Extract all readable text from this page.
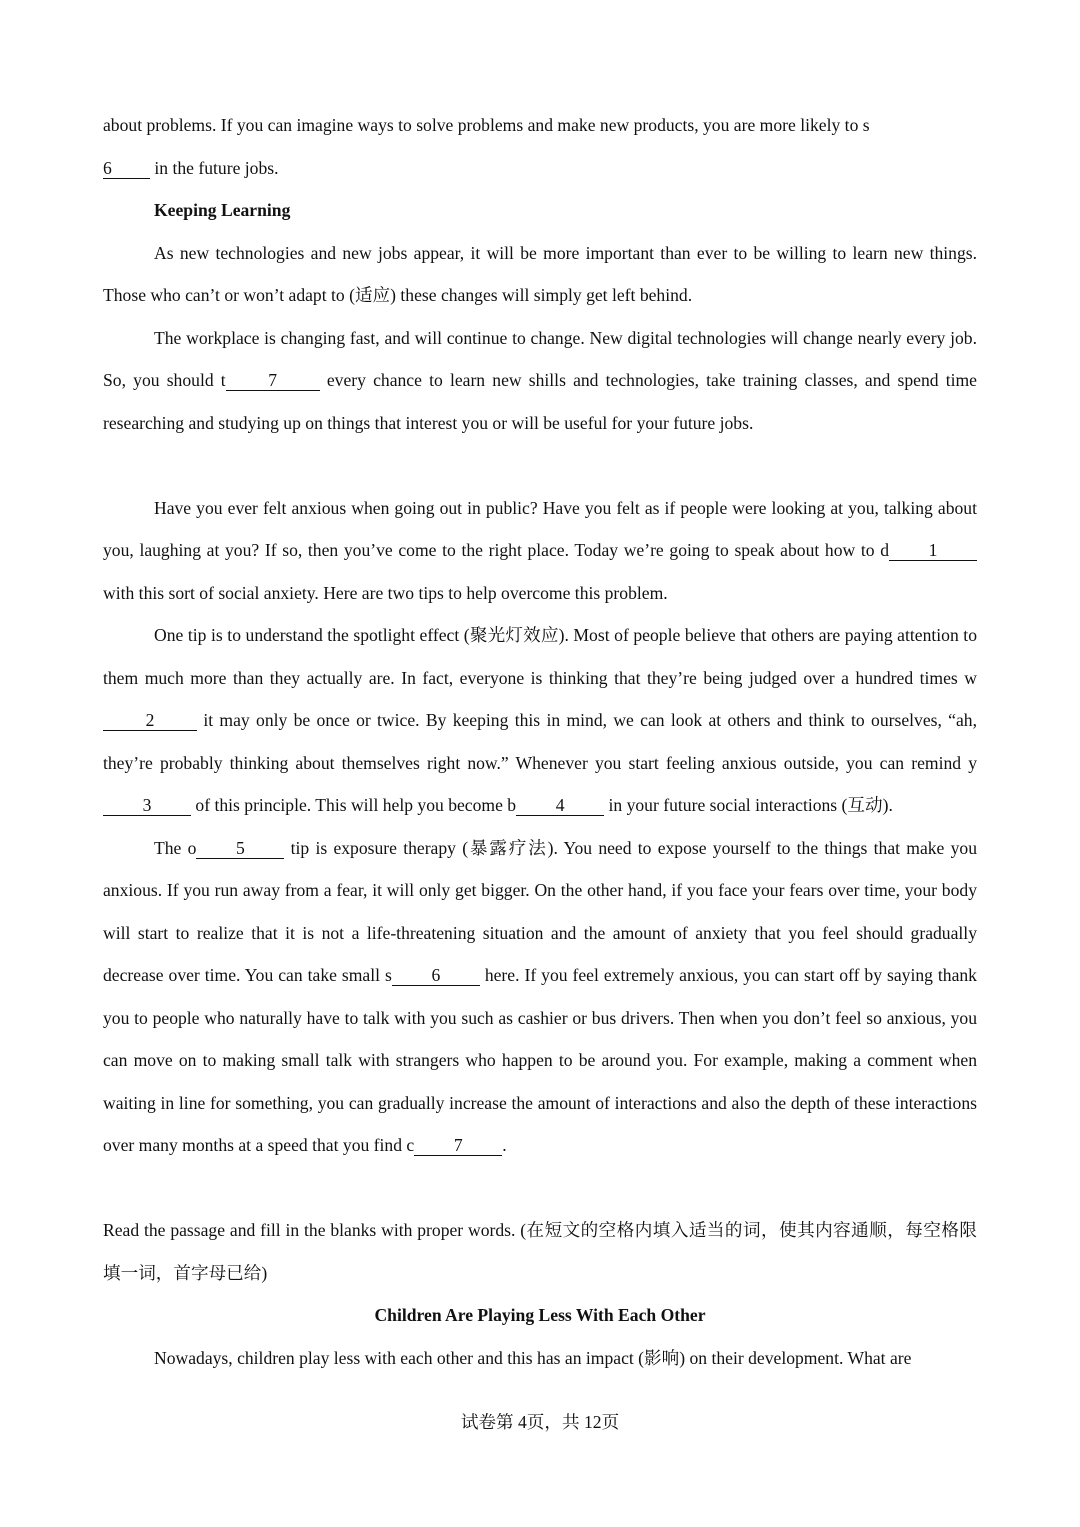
about problems. If you can imagine ways to solve problems and make new products, you are more likely to s
6 in the future jobs.

Keeping Learning

As new technologies and new jobs appear, it will be more important than ever to be willing to learn new things. Those who can’t or won’t adapt to (适应) these changes will simply get left behind.

The workplace is changing fast, and will continue to change. New digital technologies will change nearly every job. So, you should t 7 every chance to learn new shills and technologies, take training classes, and spend time researching and studying up on things that interest you or will be useful for your future jobs.

Have you ever felt anxious when going out in public? Have you felt as if people were looking at you, talking about you, laughing at you? If so, then you’ve come to the right place. Today we’re going to speak about how to d 1 with this sort of social anxiety. Here are two tips to help overcome this problem.

One tip is to understand the spotlight effect (聚光灯效应). Most of people believe that others are paying attention to them much more than they actually are. In fact, everyone is thinking that they’re being judged over a hundred times w2 it may only be once or twice. By keeping this in mind, we can look at others and think to ourselves, “ah, they’re probably thinking about themselves right now.” Whenever you start feeling anxious outside, you can remind y3 of this principle. This will help you become b 4 in your future social interactions (互动).

The o 5 tip is exposure therapy (暴露疗法). You need to expose yourself to the things that make you anxious. If you run away from a fear, it will only get bigger. On the other hand, if you face your fears over time, your body will start to realize that it is not a life-threatening situation and the amount of anxiety that you feel should gradually decrease over time. You can take small s 6 here. If you feel extremely anxious, you can start off by saying thank you to people who naturally have to talk with you such as cashier or bus drivers. Then when you don’t feel so anxious, you can move on to making small talk with strangers who happen to be around you. For example, making a comment when waiting in line for something, you can gradually increase the amount of interactions and also the depth of these interactions over many months at a speed that you find c 7 .

Read the passage and fill in the blanks with proper words. (在短文的空格内填入适当的词，使其内容通顺，每空格限填一词，首字母已给)

Children Are Playing Less With Each Other

Nowadays, children play less with each other and this has an impact (影响) on their development. What are

试卷第 4页，共 12页
